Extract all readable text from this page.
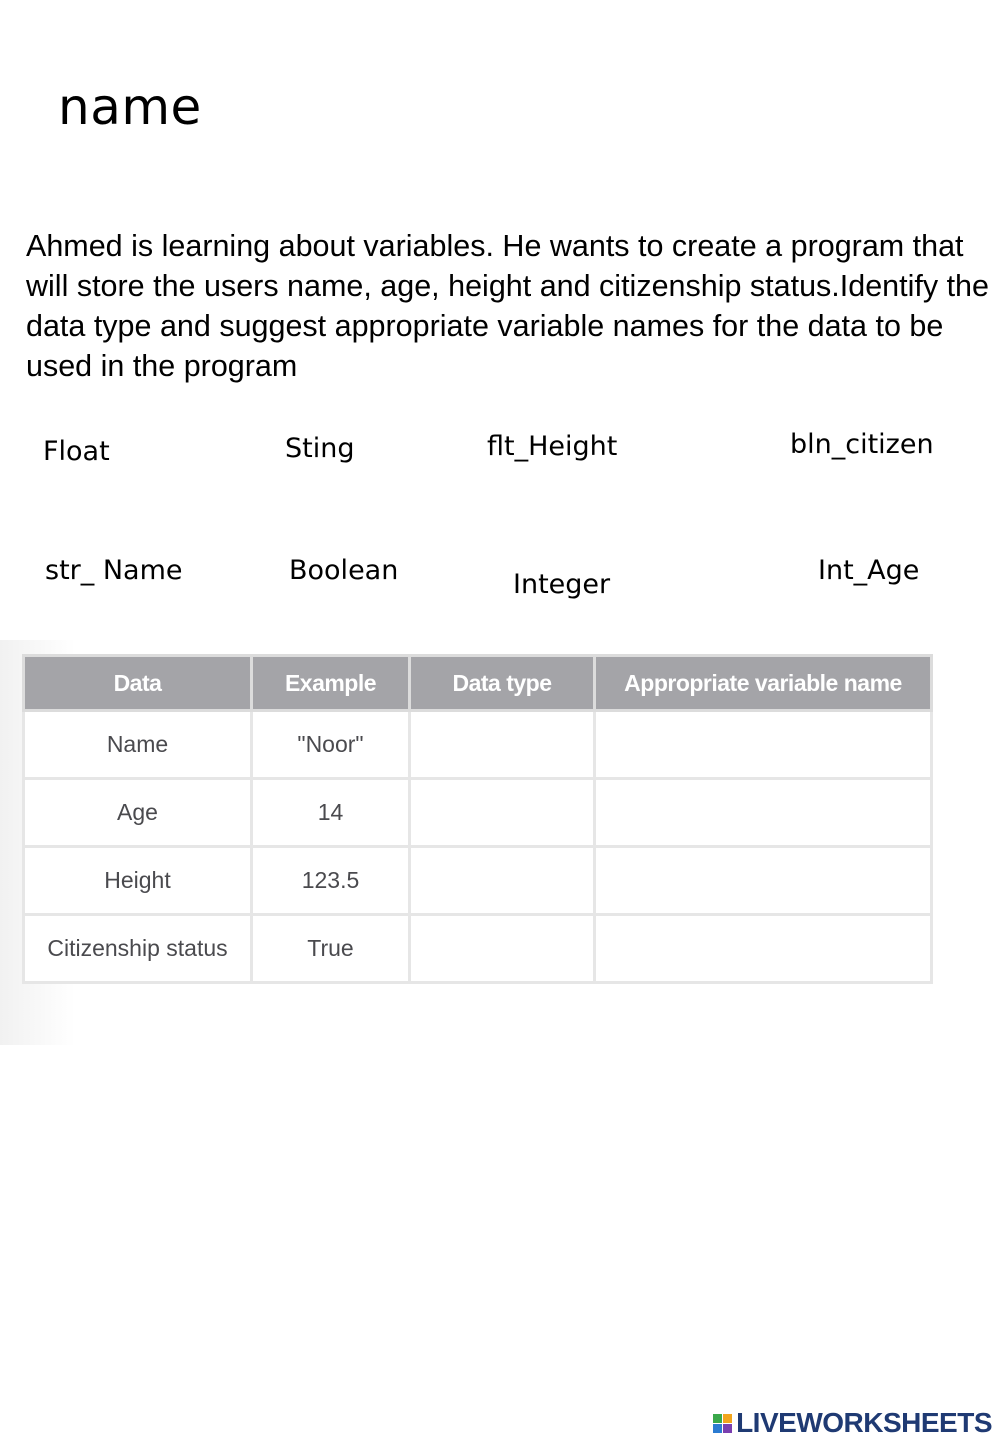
name
Ahmed is learning about variables. He wants to create a program that will store the users name, age, height and citizenship status.Identify the data type and suggest appropriate variable names for the data to be used in the program
Float	Sting	flt_Height	bln_citizen
str_ Name	Boolean	Integer	Int_Age
Data	Example	Data type	Appropriate variable name
Name	"Noor"		
Age	14		
Height	123.5		
Citizenship status	True		
LIVEWORKSHEETS
